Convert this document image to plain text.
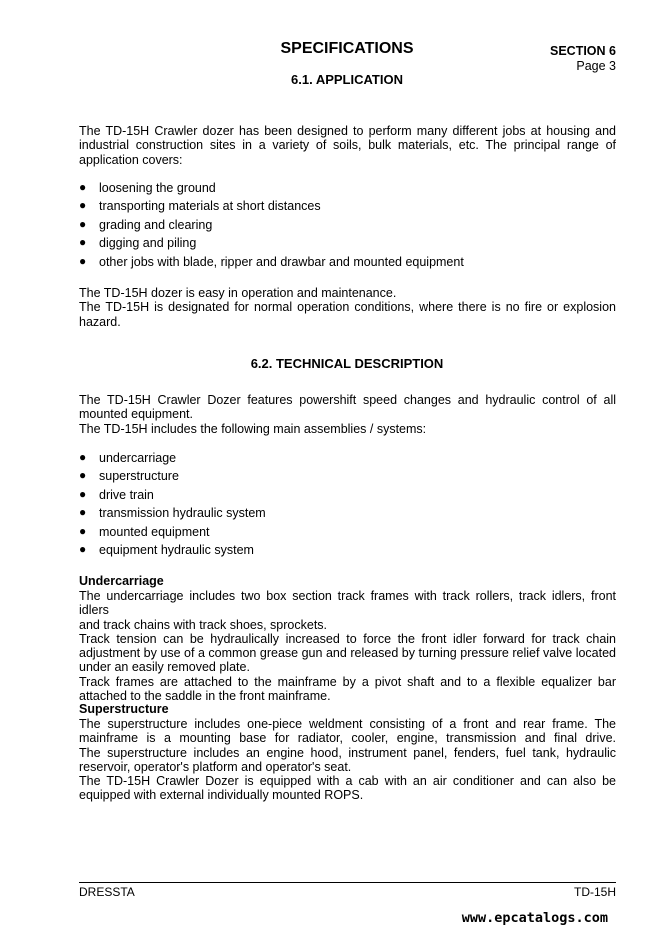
SPECIFICATIONS	SECTION 6
Page 3
6.1. APPLICATION
The TD-15H Crawler dozer has been designed to perform many different jobs at housing and
industrial construction sites in a variety of soils, bulk materials, etc. The principal range of
application covers:
● loosening the ground
● transporting materials at short distances
● grading and clearing
● digging and piling
● other jobs with blade, ripper and drawbar and mounted equipment
The TD-15H dozer is easy in operation and maintenance.
The TD-15H is designated for normal operation conditions, where there is no fire or explosion
hazard.
6.2. TECHNICAL DESCRIPTION
The TD-15H Crawler Dozer features powershift speed changes and hydraulic control of all
mounted equipment.
The TD-15H includes the following main assemblies / systems:
● undercarriage
● superstructure
● drive train
● transmission hydraulic system
● mounted equipment
● equipment hydraulic system
Undercarriage
The undercarriage includes two box section track frames with track rollers, track idlers, front idlers
and track chains with track shoes, sprockets.
Track tension can be hydraulically increased to force the front idler forward for track chain
adjustment by use of a common grease gun and released by turning pressure relief valve located
under an easily removed plate.
Track frames are attached to the mainframe by a pivot shaft and to a flexible equalizer bar
attached to the saddle in the front mainframe.
Superstructure
The superstructure includes one-piece weldment consisting of a front and rear frame. The
mainframe is a mounting base for radiator, cooler, engine, transmission and final drive.
The superstructure includes an engine hood, instrument panel, fenders, fuel tank, hydraulic
reservoir, operator's platform and operator's seat.
The TD-15H Crawler Dozer is equipped with a cab with an air conditioner and can also be
equipped with external individually mounted ROPS.
DRESSTA	TD-15H
www.epcatalogs.com
